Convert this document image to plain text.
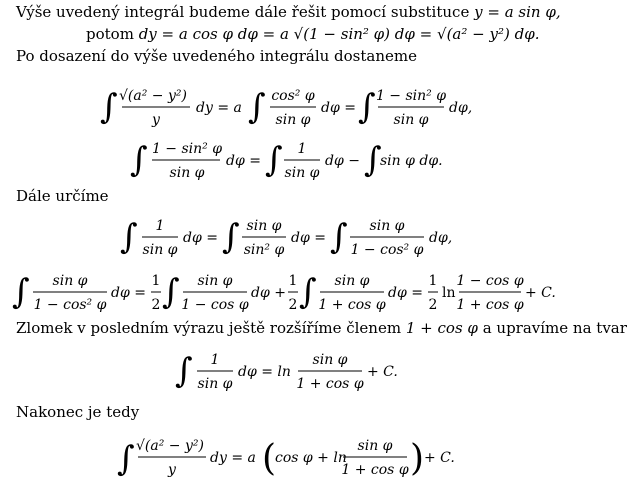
Výše uvedený integrál budeme dále řešit pomocí substituce y = a sin φ,
potom dy = a cos φ dφ = a √(1 − sin² φ) dφ = √(a² − y²) dφ.
Po dosazení do výše uvedeného integrálu dostaneme
∫ √(a² − y²)
y
dy = a ∫ cos² φ
sin φ
dφ = ∫ 1 − sin² φ
sin φ
dφ,
∫ 1 − sin² φ
sin φ
dφ = ∫ 1
sin φ
dφ − ∫
sin φ dφ.
Dále určíme
∫ 1
sin φ
dφ = ∫ sin φ
sin² φ
dφ = ∫ sin φ
1 − cos² φ
dφ,
∫ sin φ
1 − cos² φ
dφ =
1
2 ∫ sin φ
1 − cos φ
dφ +
1
2 ∫ sin φ
1 + cos φ
dφ =
1
2
ln
1 − cos φ
1 + cos φ
+ C.
Zlomek v posledním výrazu ještě rozšíříme členem 1 + cos φ a upravíme na tvar
∫ 1
sin φ
dφ = ln
sin φ
1 + cos φ
+ C.
Nakonec je tedy
∫ √(a² − y²)
y
dy = a (
cos φ + ln
sin φ
1 + cos φ ) + C.
